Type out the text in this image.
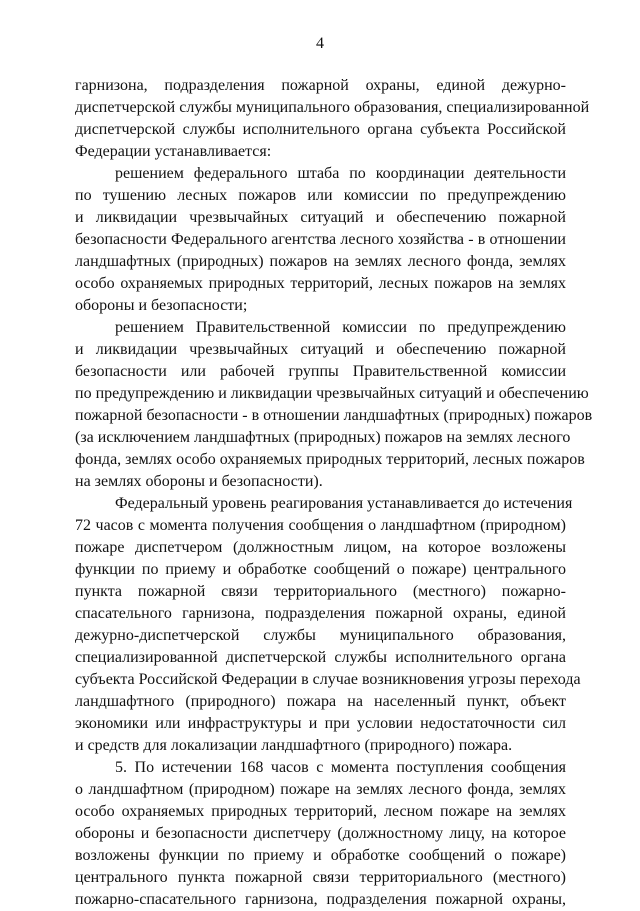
4
гарнизона, подразделения пожарной охраны, единой дежурно-
диспетчерской службы муниципального образования, специализированной
диспетчерской службы исполнительного органа субъекта Российской
Федерации устанавливается:
решением федерального штаба по координации деятельности
по тушению лесных пожаров или комиссии по предупреждению
и ликвидации чрезвычайных ситуаций и обеспечению пожарной
безопасности Федерального агентства лесного хозяйства - в отношении
ландшафтных (природных) пожаров на землях лесного фонда, землях
особо охраняемых природных территорий, лесных пожаров на землях
обороны и безопасности;
решением Правительственной комиссии по предупреждению
и ликвидации чрезвычайных ситуаций и обеспечению пожарной
безопасности или рабочей группы Правительственной комиссии
по предупреждению и ликвидации чрезвычайных ситуаций и обеспечению
пожарной безопасности - в отношении ландшафтных (природных) пожаров
(за исключением ландшафтных (природных) пожаров на землях лесного
фонда, землях особо охраняемых природных территорий, лесных пожаров
на землях обороны и безопасности).
Федеральный уровень реагирования устанавливается до истечения
72 часов с момента получения сообщения о ландшафтном (природном)
пожаре диспетчером (должностным лицом, на которое возложены
функции по приему и обработке сообщений о пожаре) центрального
пункта пожарной связи территориального (местного) пожарно-
спасательного гарнизона, подразделения пожарной охраны, единой
дежурно-диспетчерской службы муниципального образования,
специализированной диспетчерской службы исполнительного органа
субъекта Российской Федерации в случае возникновения угрозы перехода
ландшафтного (природного) пожара на населенный пункт, объект
экономики или инфраструктуры и при условии недостаточности сил
и средств для локализации ландшафтного (природного) пожара.
5. По истечении 168 часов с момента поступления сообщения
о ландшафтном (природном) пожаре на землях лесного фонда, землях
особо охраняемых природных территорий, лесном пожаре на землях
обороны и безопасности диспетчеру (должностному лицу, на которое
возложены функции по приему и обработке сообщений о пожаре)
центрального пункта пожарной связи территориального (местного)
пожарно-спасательного гарнизона, подразделения пожарной охраны,
